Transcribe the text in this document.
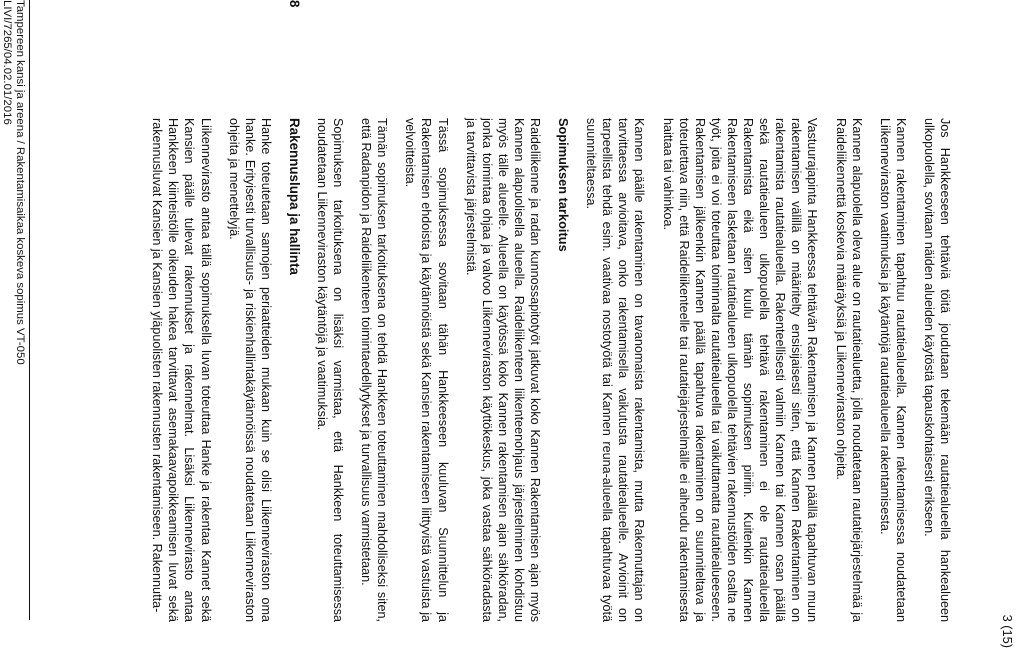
3 (15)

Jos Hankkeeseen tehtäviä töitä joudutaan tekemään rautatiealueella hankealueen ulkopuolella, sovitaan näiden alueiden käytöstä tapauskohtaisesti erikseen.

Kannen rakentaminen tapahtuu rautatiealueella. Kannen rakentamisessa noudatetaan Liikenneviraston vaatimuksia ja käytäntöjä rautatiealueella rakentamisesta.

Kannen alapuolella oleva alue on rautatiealuetta, jolla noudatetaan rautatiejärjestelmää ja Raideliikennettä koskevia määräyksiä ja Liikenneviraston ohjeita.

Vastuurajapinta Hankkeessa tehtävän Rakentamisen ja Kannen päällä tapahtuvan muun rakentamisen välillä on määritelty ensisijaisesti siten, että Kannen Rakentaminen on rakentamista rautatiealueella. Rakenteellisesti valmiin Kannen tai Kannen osan päällä sekä rautatiealueen ulkopuolella tehtävä rakentaminen ei ole rautatiealueella Rakentamista eikä siten kuulu tämän sopimuksen piiriin. Kuitenkin Kannen Rakentamiseen lasketaan rautatiealueen ulkopuolella tehtävien rakennustöiden osalta ne työt, joita ei voi toteuttaa toiminnalta rautatiealueella tai vaikuttamatta rautatiealueeseen. Rakentamisen jälkeenkin Kannen päällä tapahtuva rakentaminen on suunniteltava ja toteutettava niin, että Raideliikenteelle tai rautatiejärjestelmälle ei aiheudu rakentamisesta haittaa tai vahinkoa.

Kannen päälle rakentaminen on tavanomaista rakentamista, mutta Rakennuttajan on tarvittaessa arvioitava, onko rakentamisella vaikutusta rautatiealueelle. Arvioinit on tarpeellista tehdä esim. vaativaa nostotyötä tai Kannen reuna-alueella tapahtuvaa työtä suunniteltaessa.

Sopimuksen tarkoitus

Raideliikenne ja radan kunnossapitotyöt jatkuvat koko Kannen Rakentamisen ajan myös Kannen alapuolisella alueella. Raideliikenteen liikenteenohjaus järjestelminen kohdistuu myös tälle alueelle. Alueella on käytössä koko Kannen rakentamisen ajan sähköradan, jonka toimintaa ohjaa ja valvoo Liikenneviraston käyttökeskus, joka vastaa sähköradasta ja tarvittavista järjestelmistä.

Tässä sopimuksessa sovitaan tähän Hankkeeseen kuuluvan Suunnittelun ja Rakentamisen ehdoista ja käytännöistä sekä Kansien rakentamiseen liittyvistä vastuista ja velvoitteista.

Tämän sopimuksen tarkoituksena on tehdä Hankkeen toteuttaminen mahdolliseksi siten, että Radanpidon ja Raideliikenteen toimintaedellytykset ja turvallisuus varmistetaan.

Sopimuksen tarkoituksena on lisäksi varmistaa, että Hankkeen toteuttamisessa noudatetaan Liikenneviraston käytäntöjä ja vaatimuksia.

8
Rakennuslupa ja hallinta

Hanke toteutetaan samojen periaatteiden mukaan kuin se olisi Liikenneviraston oma hanke. Erityisesti turvallisuus- ja riskienhallintakäytännöissä noudatetaan Liikenneviraston ohjeita ja menettelyjä.

Liikennevirasto antaa tällä sopimuksella luvan toteuttaa Hanke ja rakentaa Kannet sekä Kansien päälle tulevat rakennukset ja rakennelmat. Lisäksi Liikennevirasto antaa Hankkeen kiinteistölle oikeuden hakea tarvittavat asemakaavapoikkeamisen luvat sekä rakennusluvat Kansien ja Kansien yläpuolisten rakennusten rakentamiseen. Rakennutta-

Tampereen kansi ja areena / Rakentamisaikaa koskeva sopimus VT-050
LIVI/7265/04.02.01/2016
